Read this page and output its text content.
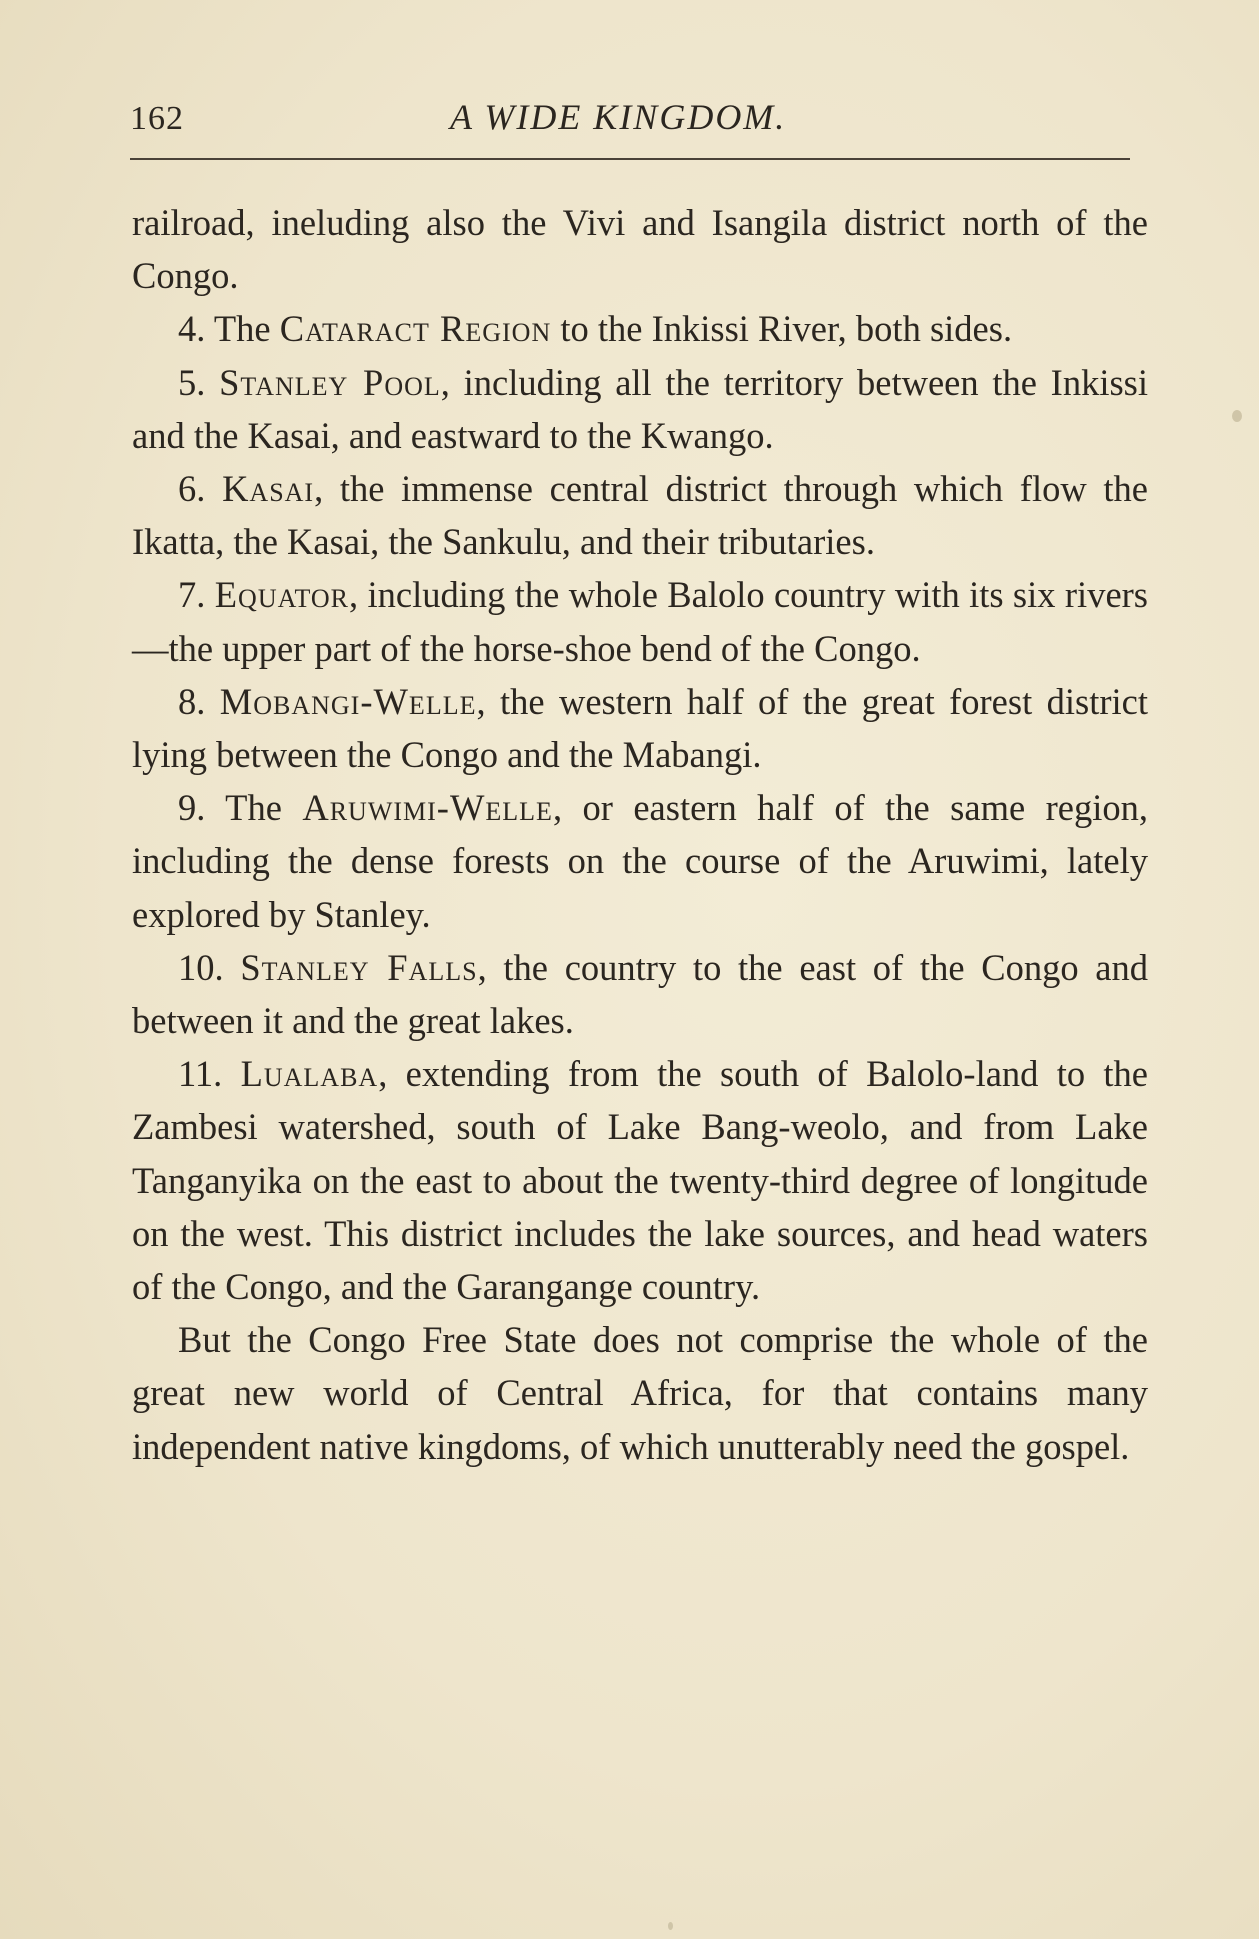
162	A WIDE KINGDOM.

railroad, ineluding also the Vivi and Isangila district north of the Congo.

4. The Cataract Region to the Inkissi River, both sides.

5. Stanley Pool, including all the territory between the Inkissi and the Kasai, and eastward to the Kwango.

6. Kasai, the immense central district through which flow the Ikatta, the Kasai, the Sankulu, and their tributaries.

7. Equator, including the whole Balolo country with its six rivers—the upper part of the horse-shoe bend of the Congo.

8. Mobangi-Welle, the western half of the great forest district lying between the Congo and the Mabangi.

9. The Aruwimi-Welle, or eastern half of the same region, including the dense forests on the course of the Aruwimi, lately explored by Stanley.

10. Stanley Falls, the country to the east of the Congo and between it and the great lakes.

11. Lualaba, extending from the south of Balolo-land to the Zambesi watershed, south of Lake Bang-weolo, and from Lake Tanganyika on the east to about the twenty-third degree of longitude on the west. This district includes the lake sources, and head waters of the Congo, and the Garangange country.

But the Congo Free State does not comprise the whole of the great new world of Central Africa, for that contains many independent native kingdoms, of which unutterably need the gospel.
